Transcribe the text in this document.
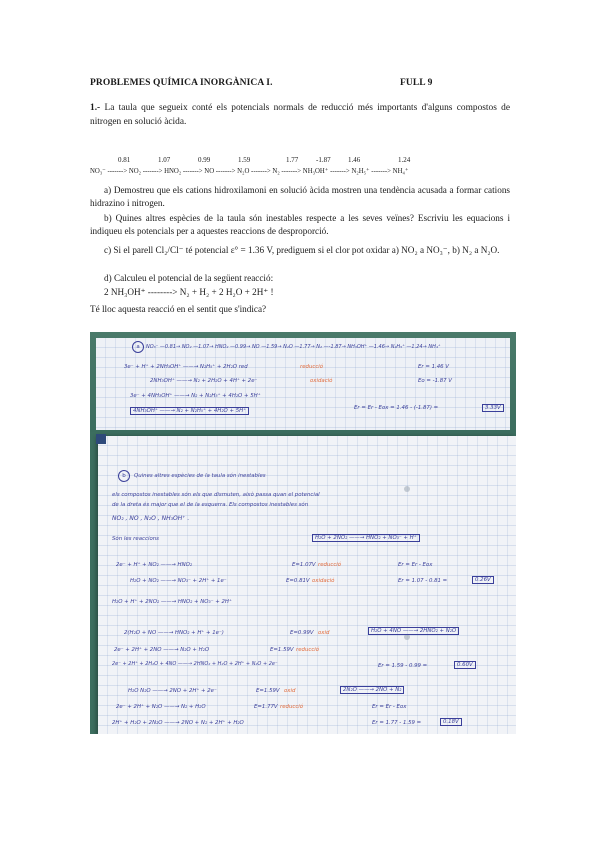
PROBLEMES QUÍMICA INORGÀNICA I.	FULL 9
1.- La taula que segueix conté els potencials normals de reducció més importants d'alguns compostos de nitrogen en solució àcida.
0.81	1.07	0.99	1.59	1.77	-1.87 1.46	1.24
NO₃⁻ -------> NO₂ -------> HNO₂ -------> NO -------> N₂O -------> N₂ -------> NH₃OH⁺ -------> N₂H₅⁺ -------> NH₄⁺
a) Demostreu que els cations hidroxilamoni en solució àcida mostren una tendència acusada a formar cations hidrazino i nitrogen.
b) Quines altres espècies de la taula són inestables respecte a les seves veïnes? Escriviu les equacions i indiqueu els potencials per a aquestes reaccions de desproporció.
c) Si el parell Cl₂/Cl⁻ té potencial ε° = 1.36 V, prediguem si el clor pot oxidar a) NO₂ a NO₃⁻, b) N₂ a N₂O.
d) Calculeu el potencial de la següent reacció:
2 NH₃OH⁺ --------> N₂ + H₂ + 2 H₂O + 2H⁺ !
Té lloc aquesta reacció en el sentit que s'indica?
a	NO₃⁻ —0.81→ NO₂ —1.07→ HNO₂ —0.99→ NO —1.59→ N₂O —1.77→ N₂ —-1.87→ NH₃OH⁺ —1.46→ N₂H₅⁺ —1.24→ NH₄⁺
3e⁻ + H⁺ + 2NH₃OH⁺ ——→ N₂H₅⁺ + 2H₂O red	reducció	Er = 1.46 V
2NH₃OH⁺ ——→ N₂ + 2H₂O + 4H⁺ + 2e⁻	oxidació	Eo = -1.87 V
3e⁻ + 4NH₃OH⁺ ——→ N₂ + N₂H₅⁺ + 4H₂O + 5H⁺
4NH₃OH⁺ ——→ N₂ + N₂H₅⁺ + 4H₂O + 5H⁺	Er = Er - Eox = 1.46 - (-1.87) =	3.33V
b	Quines altres espècies de la taula són inestables
els compostos inestables són els que dismuten, això passa quan el potencial
de la dreta és major que el de la esquerra. Els compostos inestables són
NO₂ , NO , N₂O , NH₃OH⁺ .
Són les reaccions	H₂O + 2NO₂ ——→ HNO₂ + NO₃⁻ + H⁺
2e⁻ + H⁺ + NO₂ ——→ HNO₂	E=1.07V reducció	Er = Er - Eox
H₂O + NO₂ ——→ NO₃⁻ + 2H⁺ + 1e⁻	E=0.81V oxidació	Er = 1.07 - 0.81 =	0.26V
H₂O + H⁺ + 2NO₂ ——→ HNO₂ + NO₃⁻ + 2H⁺
2(H₂O + NO ——→ HNO₂ + H⁺ + 1e⁻)	E=0.99V oxid	H₂O + 4NO ——→ 2HNO₂ + N₂O
2e⁻ + 2H⁺ + 2NO ——→ N₂O + H₂O	E=1.59V reducció
2e⁻ + 2H⁺ + 2H₂O + 4NO ——→ 2HNO₂ + H₂O + 2H⁺ + N₂O + 2e⁻	Er = 1.59 - 0.99 =	0.60V
H₂O N₂O ——→ 2NO + 2H⁺ + 2e⁻	E=1.59V oxid	2N₂O ——→ 2NO + N₂
2e⁻ + 2H⁺ + N₂O ——→ N₂ + H₂O	E=1.77V reducció	Er = Er - Eox
2H⁺ + H₂O + 2N₂O ——→ 2NO + N₂ + 2H⁺ + H₂O	Er = 1.77 - 1.59 =	0.18V
